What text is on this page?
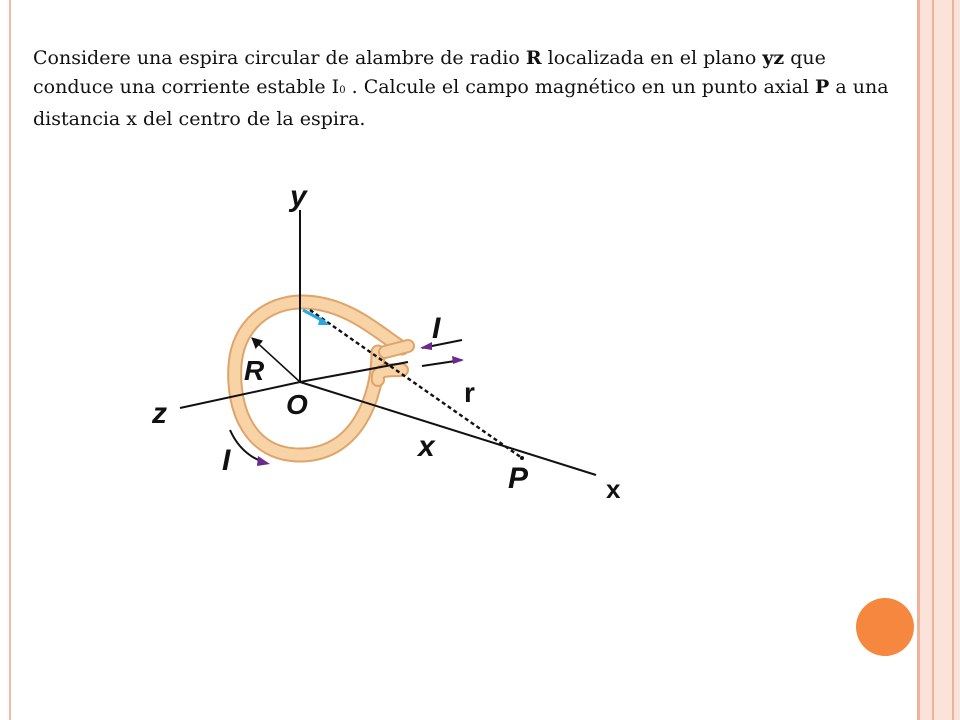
Considere una espira circular de alambre de radio R localizada en el plano yz que conduce una corriente estable I0 . Calcule el campo magnético en un punto axial P a una distancia x del centro de la espira.

y
z
x
O
R
I
I
r
x
P
